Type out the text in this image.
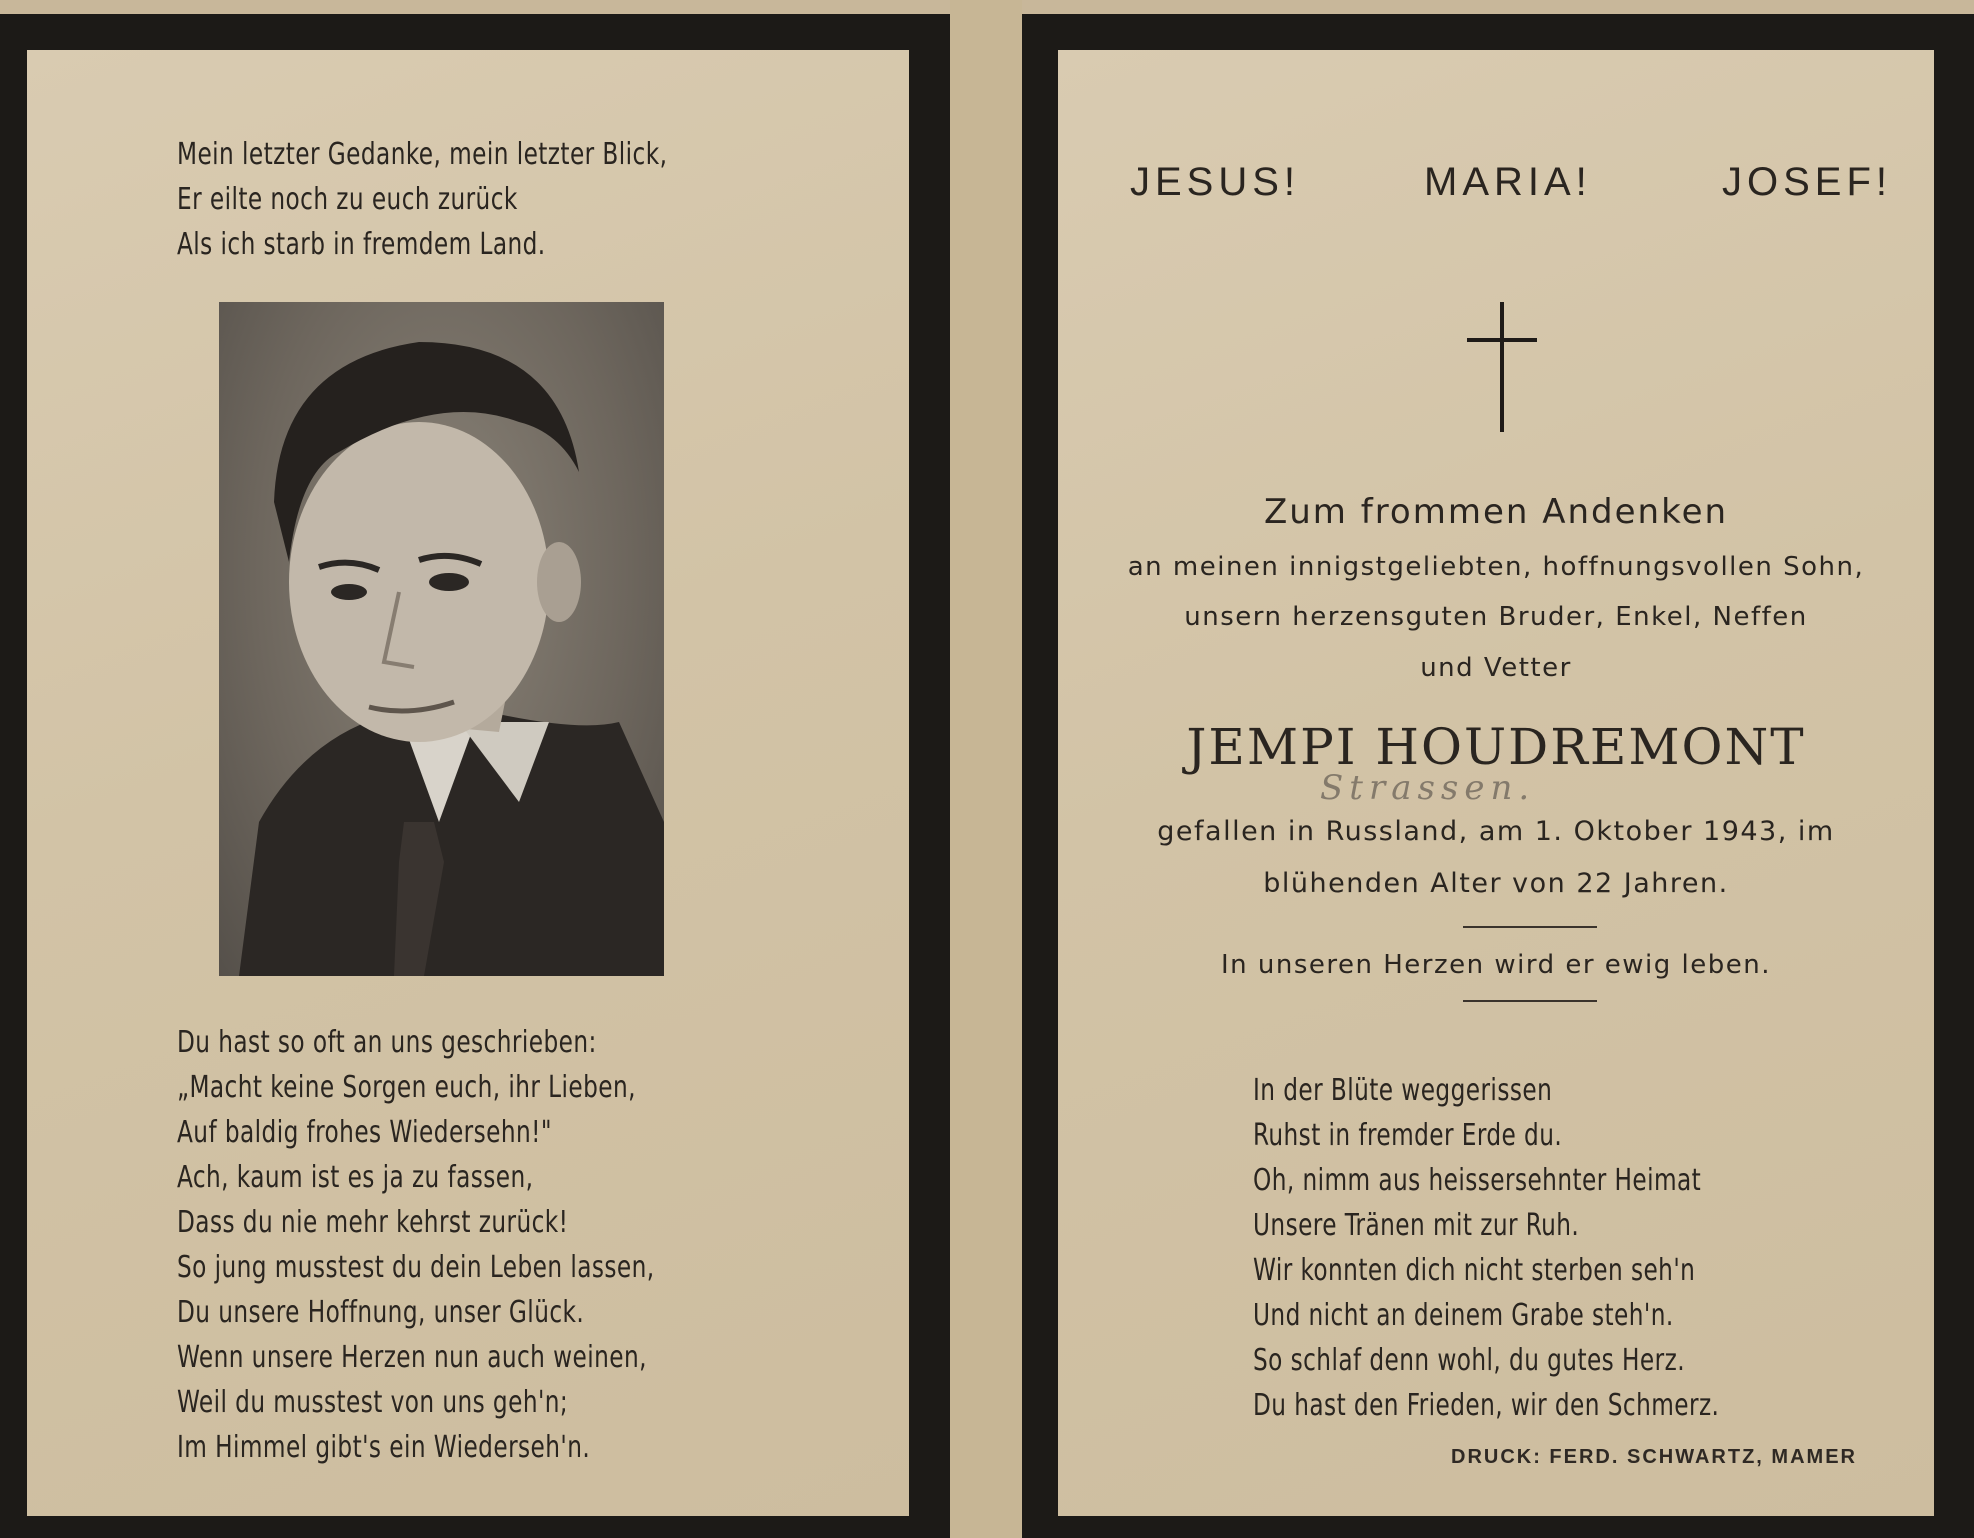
Mein letzter Gedanke, mein letzter Blick,
Er eilte noch zu euch zurück
Als ich starb in fremdem Land.
Du hast so oft an uns geschrieben:
„Macht keine Sorgen euch, ihr Lieben,
Auf baldig frohes Wiedersehn!"
Ach, kaum ist es ja zu fassen,
Dass du nie mehr kehrst zurück!
So jung musstest du dein Leben lassen,
Du unsere Hoffnung, unser Glück.
Wenn unsere Herzen nun auch weinen,
Weil du musstest von uns geh'n;
Im Himmel gibt's ein Wiederseh'n.
JESUS!	MARIA!	JOSEF!
Zum frommen Andenken
an meinen innigstgeliebten, hoffnungsvollen Sohn,
unsern herzensguten Bruder, Enkel, Neffen
und Vetter
JEMPI HOUDREMONT
Strassen.
gefallen in Russland, am 1. Oktober 1943, im
blühenden Alter von 22 Jahren.
In unseren Herzen wird er ewig leben.
In der Blüte weggerissen
Ruhst in fremder Erde du.
Oh, nimm aus heissersehnter Heimat
Unsere Tränen mit zur Ruh.
Wir konnten dich nicht sterben seh'n
Und nicht an deinem Grabe steh'n.
So schlaf denn wohl, du gutes Herz.
Du hast den Frieden, wir den Schmerz.
DRUCK: FERD. SCHWARTZ, MAMER
